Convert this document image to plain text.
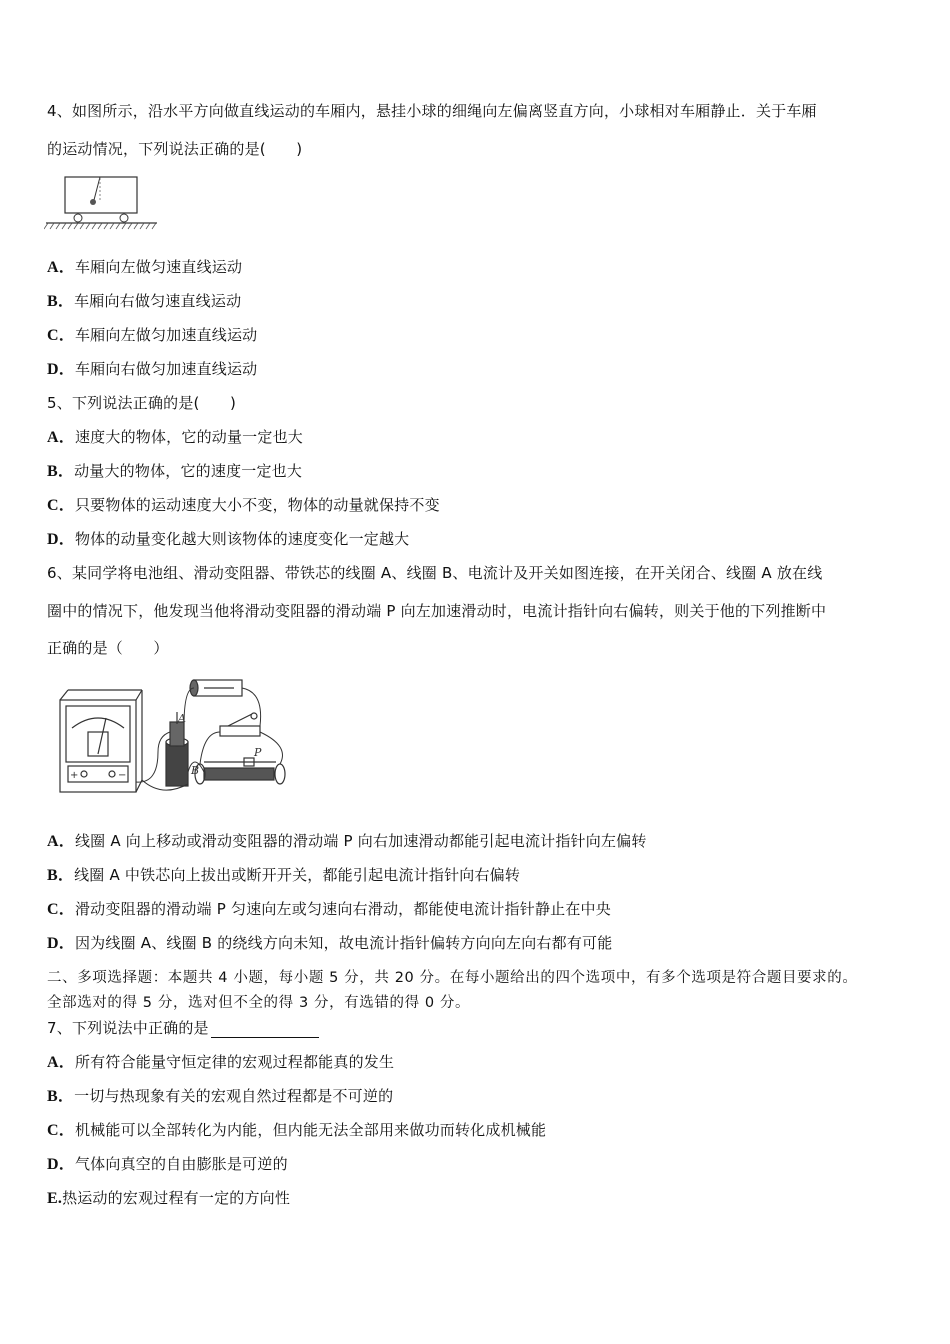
4、如图所示，沿水平方向做直线运动的车厢内，悬挂小球的细绳向左偏离竖直方向，小球相对车厢静止．关于车厢
的运动情况，下列说法正确的是(　　)
A．车厢向左做匀速直线运动
B．车厢向右做匀速直线运动
C．车厢向左做匀加速直线运动
D．车厢向右做匀加速直线运动
5、下列说法正确的是(　　)
A．速度大的物体，它的动量一定也大
B．动量大的物体，它的速度一定也大
C．只要物体的运动速度大小不变，物体的动量就保持不变
D．物体的动量变化越大则该物体的速度变化一定越大
6、某同学将电池组、滑动变阻器、带铁芯的线圈 A、线圈 B、电流计及开关如图连接，在开关闭合、线圈 A 放在线
圈中的情况下，他发现当他将滑动变阻器的滑动端 P 向左加速滑动时，电流计指针向右偏转，则关于他的下列推断中
正确的是（　　）
+	−
A
B
P
A．线圈 A 向上移动或滑动变阻器的滑动端 P 向右加速滑动都能引起电流计指针向左偏转
B．线圈 A 中铁芯向上拔出或断开开关，都能引起电流计指针向右偏转
C．滑动变阻器的滑动端 P 匀速向左或匀速向右滑动，都能使电流计指针静止在中央
D．因为线圈 A、线圈 B 的绕线方向未知，故电流计指针偏转方向向左向右都有可能
二、多项选择题：本题共 4 小题，每小题 5 分，共 20 分。在每小题给出的四个选项中，有多个选项是符合题目要求的。
全部选对的得 5 分，选对但不全的得 3 分，有选错的得 0 分。
7、下列说法中正确的是
A．所有符合能量守恒定律的宏观过程都能真的发生
B．一切与热现象有关的宏观自然过程都是不可逆的
C．机械能可以全部转化为内能，但内能无法全部用来做功而转化成机械能
D．气体向真空的自由膨胀是可逆的
E.热运动的宏观过程有一定的方向性
